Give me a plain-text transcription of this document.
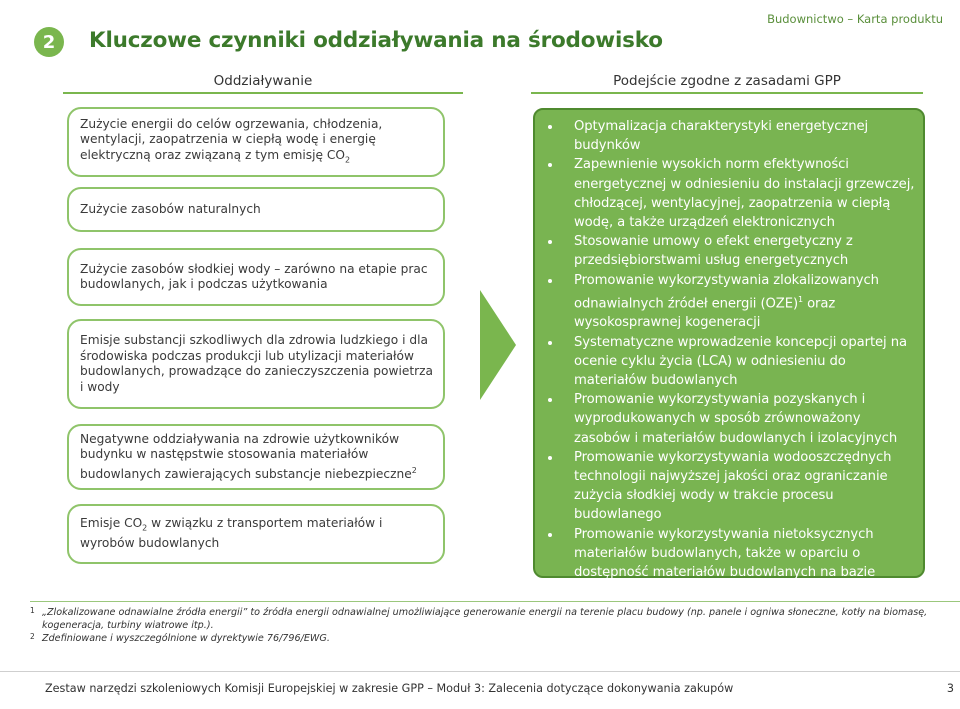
Budownictwo – Karta produktu
2	Kluczowe czynniki oddziaływania na środowisko
Oddziaływanie	Podejście zgodne z zasadami GPP
Zużycie energii do celów ogrzewania, chłodzenia, wentylacji, zaopatrzenia w ciepłą wodę i energię elektryczną oraz związaną z tym emisję $CO_2$
Zużycie zasobów naturalnych
Zużycie zasobów słodkiej wody – zarówno na etapie prac budowlanych, jak i podczas użytkowania
Emisje substancji szkodliwych dla zdrowia ludzkiego i dla środowiska podczas produkcji lub utylizacji materiałów budowlanych, prowadzące do zanieczyszczenia powietrza i wody
Negatywne oddziaływania na zdrowie użytkowników budynku w następstwie stosowania materiałów budowlanych zawierających substancje niebezpieczne$^2$
Emisje $CO_2$ w związku z transportem materiałów i wyrobów budowlanych
Optymalizacja charakterystyki energetycznej budynków
Zapewnienie wysokich norm efektywności energetycznej w odniesieniu do instalacji grzewczej, chłodzącej, wentylacyjnej, zaopatrzenia w ciepłą wodę, a także urządzeń elektronicznych
Stosowanie umowy o efekt energetyczny z przedsiębiorstwami usług energetycznych
Promowanie wykorzystywania zlokalizowanych odnawialnych źródeł energii (OZE)$^1$ oraz wysokosprawnej kogeneracji
Systematyczne wprowadzenie koncepcji opartej na ocenie cyklu życia (LCA) w odniesieniu do materiałów budowlanych
Promowanie wykorzystywania pozyskanych i wyprodukowanych w sposób zrównoważony zasobów i materiałów budowlanych i izolacyjnych
Promowanie wykorzystywania wodooszczędnych technologii najwyższej jakości oraz ograniczanie zużycia słodkiej wody w trakcie procesu budowlanego
Promowanie wykorzystywania nietoksycznych materiałów budowlanych, także w oparciu o dostępność materiałów budowlanych na bazie surowców odnawialnych
1 „Zlokalizowane odnawialne źródła energii” to źródła energii odnawialnej umożliwiające generowanie energii na terenie placu budowy (np. panele i ogniwa słoneczne, kotły na biomasę, kogeneracja, turbiny wiatrowe itp.).
2 Zdefiniowane i wyszczególnione w dyrektywie 76/796/EWG.
Zestaw narzędzi szkoleniowych Komisji Europejskiej w zakresie GPP – Moduł 3: Zalecenia dotyczące dokonywania zakupów	3
